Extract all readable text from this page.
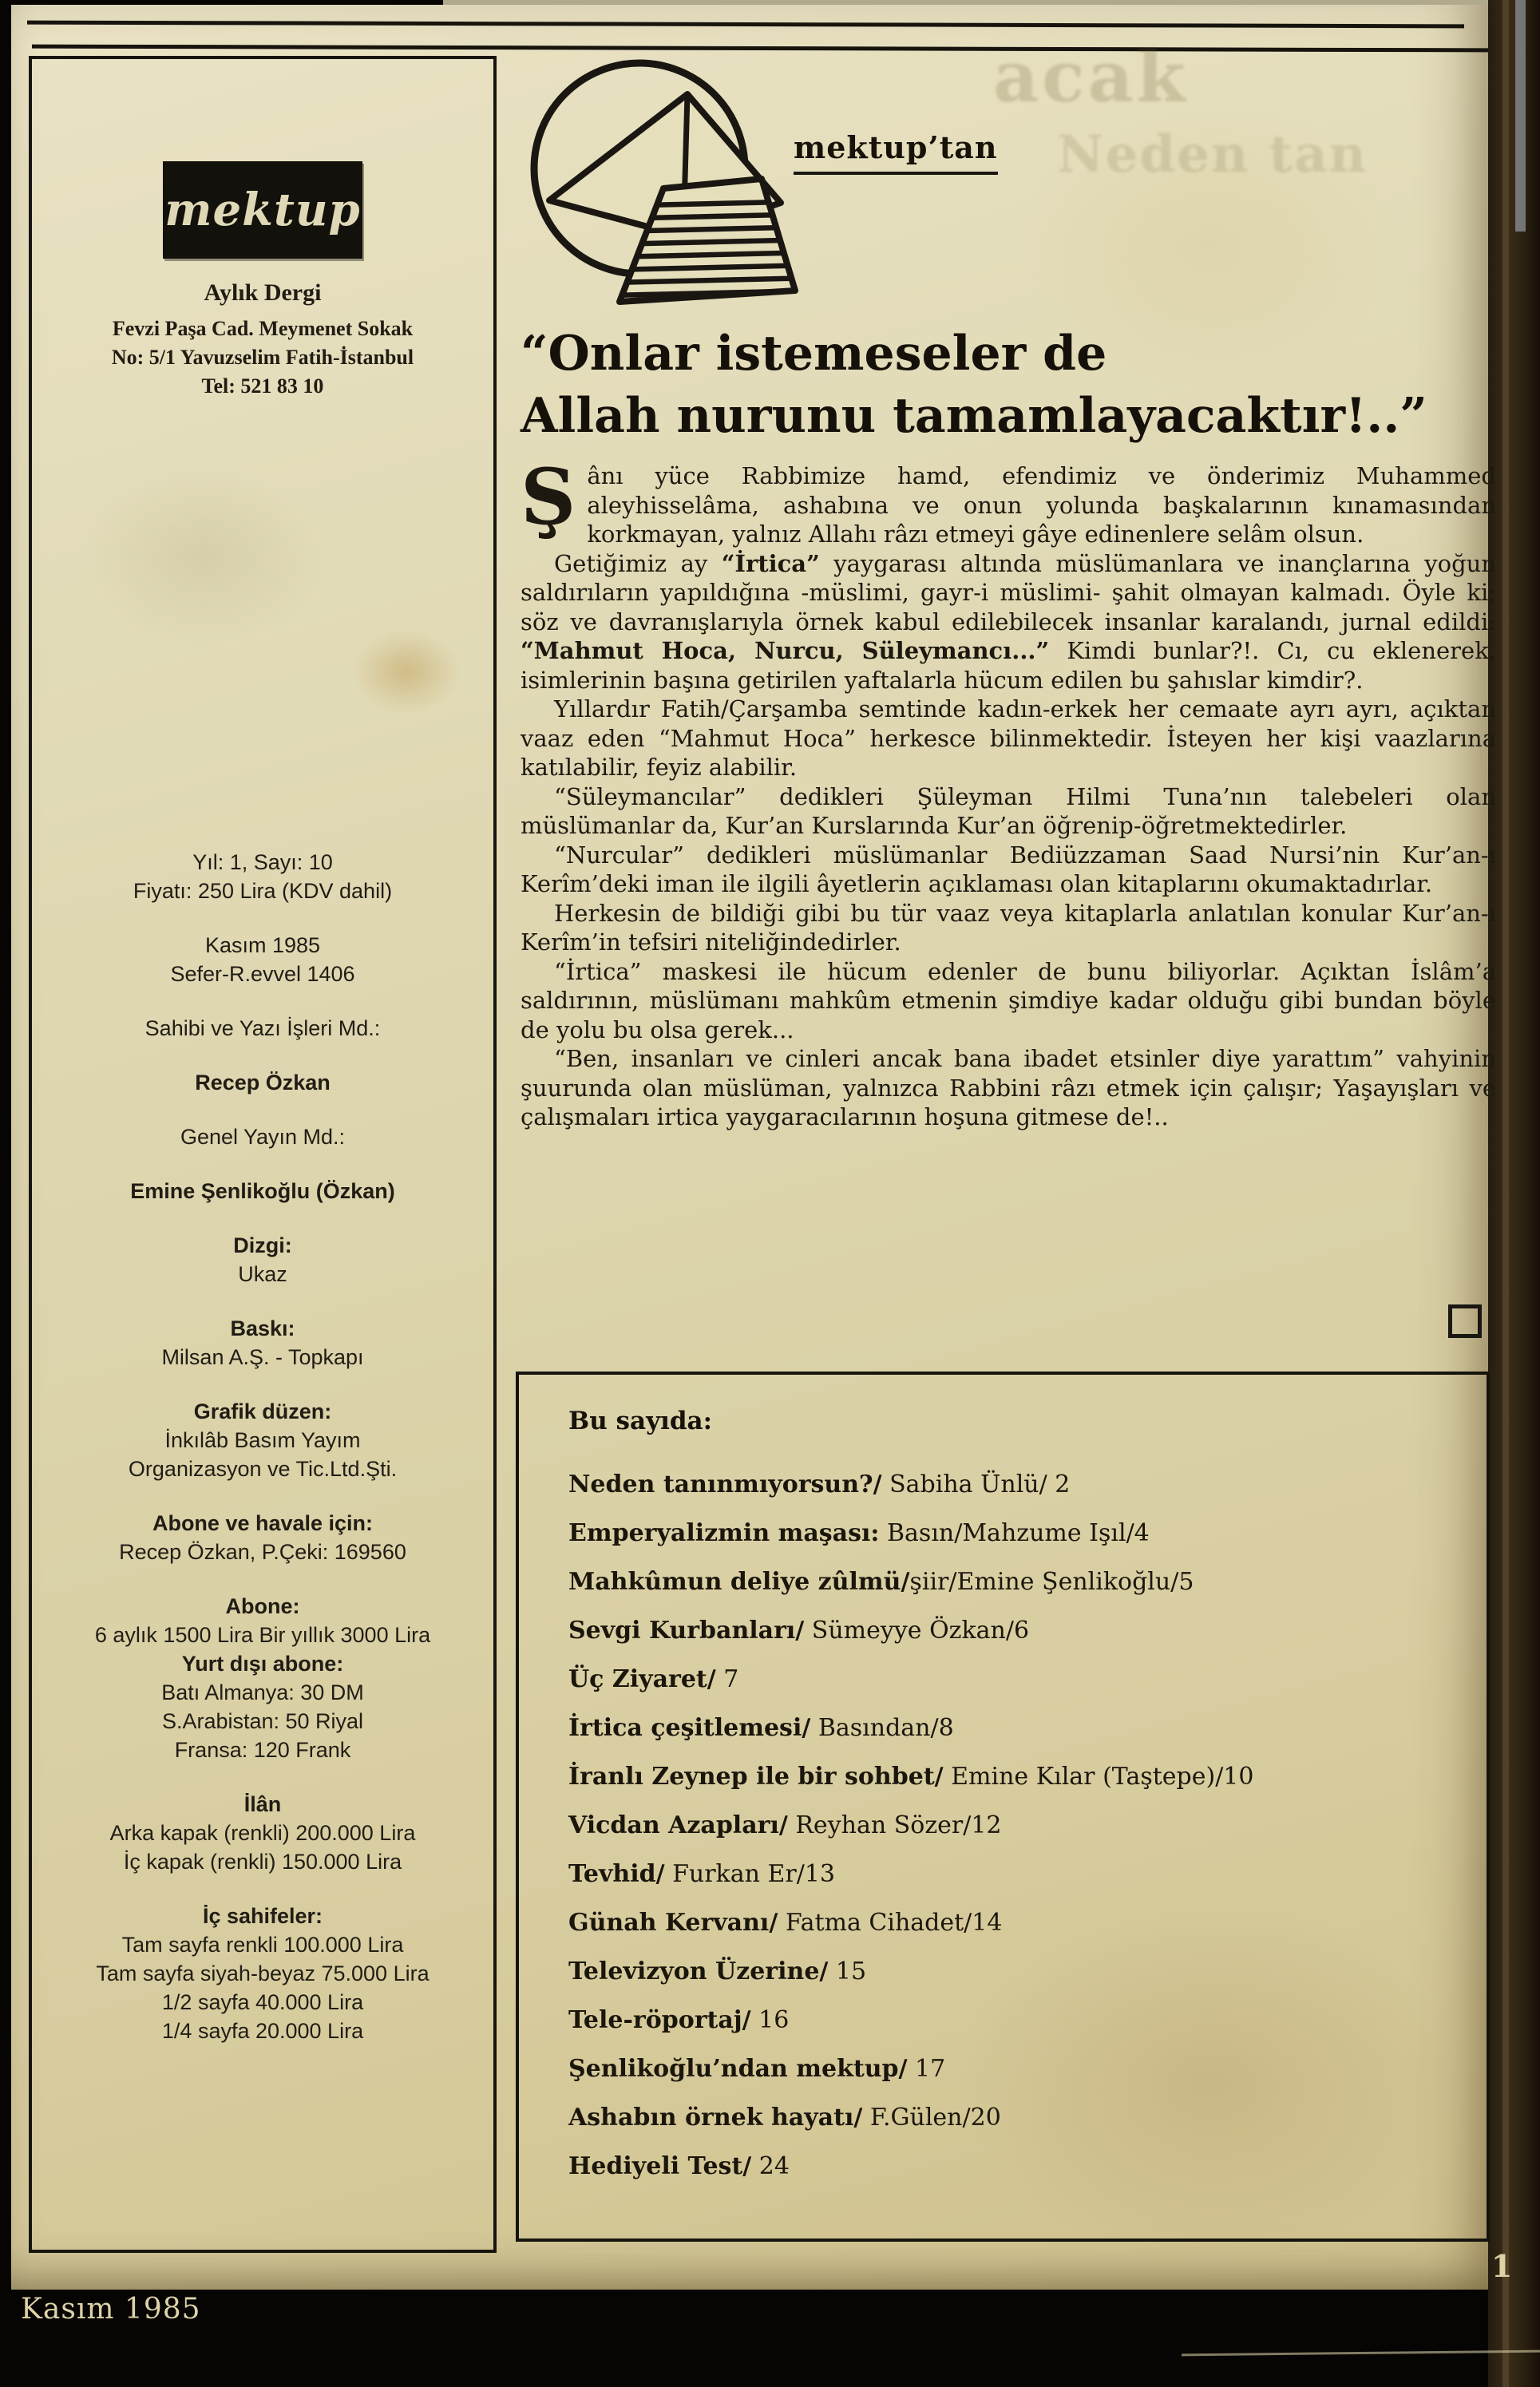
acak
Neden tan
mektup
Aylık Dergi
Fevzi Paşa Cad. Meymenet Sokak
No: 5/1 Yavuzselim Fatih-İstanbul
Tel: 521 83 10
Yıl: 1, Sayı: 10
Fiyatı: 250 Lira (KDV dahil)
Kasım 1985
Sefer-R.evvel 1406
Sahibi ve Yazı İşleri Md.:
Recep Özkan
Genel Yayın Md.:
Emine Şenlikoğlu (Özkan)
Dizgi:
Ukaz
Baskı:
Milsan A.Ş. - Topkapı
Grafik düzen:
İnkılâb Basım Yayım
Organizasyon ve Tic.Ltd.Şti.
Abone ve havale için:
Recep Özkan, P.Çeki: 169560
Abone:
6 aylık 1500 Lira Bir yıllık 3000 Lira
Yurt dışı abone:
Batı Almanya: 30 DM
S.Arabistan: 50 Riyal
Fransa: 120 Frank
İlân
Arka kapak (renkli) 200.000 Lira
İç kapak (renkli) 150.000 Lira
İç sahifeler:
Tam sayfa renkli 100.000 Lira
Tam sayfa siyah-beyaz 75.000 Lira
1/2 sayfa 40.000 Lira
1/4 sayfa 20.000 Lira
mektup’tan
“Onlar istemeseler de
Allah nurunu tamamlayacaktır!..”

Şânı yüce Rabbimize hamd, efendimiz ve önderimiz Muhammed aleyhisselâma, ashabına ve onun yolunda başkalarının kınamasından korkmayan, yalnız Allahı râzı etmeyi gâye edinenlere selâm olsun.

Getiğimiz ay “İrtica” yaygarası altında müslümanlara ve inançlarına yoğun saldırıların yapıldığına -müslimi, gayr-i müslimi- şahit olmayan kalmadı. Öyle ki; söz ve davranışlarıyla örnek kabul edilebilecek insanlar karalandı, jurnal edildi: “Mahmut Hoca, Nurcu, Süleymancı...” Kimdi bunlar?!. Cı, cu eklenerek, isimlerinin başına getirilen yaftalarla hücum edilen bu şahıslar kimdir?.

Yıllardır Fatih/Çarşamba semtinde kadın-erkek her cemaate ayrı ayrı, açıktan vaaz eden “Mahmut Hoca” herkesce bilinmektedir. İsteyen her kişi vaazlarına katılabilir, feyiz alabilir.

“Süleymancılar” dedikleri Şüleyman Hilmi Tuna’nın talebeleri olan müslümanlar da, Kur’an Kurslarında Kur’an öğrenip-öğretmektedirler.

“Nurcular” dedikleri müslümanlar Bediüzzaman Saad Nursi’nin Kur’an-ı Kerîm’deki iman ile ilgili âyetlerin açıklaması olan kitaplarını okumaktadırlar.

Herkesin de bildiği gibi bu tür vaaz veya kitaplarla anlatılan konular Kur’an-ı Kerîm’in tefsiri niteliğindedirler.

“İrtica” maskesi ile hücum edenler de bunu biliyorlar. Açıktan İslâm’a saldırının, müslümanı mahkûm etmenin şimdiye kadar olduğu gibi bundan böyle de yolu bu olsa gerek...

“Ben, insanları ve cinleri ancak bana ibadet etsinler diye yarattım” vahyinin şuurunda olan müslüman, yalnızca Rabbini râzı etmek için çalışır; Yaşayışları ve çalışmaları irtica yaygaracılarının hoşuna gitmese de!..

Bu sayıda:
Neden tanınmıyorsun?/ Sabiha Ünlü/ 2
Emperyalizmin maşası: Basın/Mahzume Işıl/4
Mahkûmun deliye zûlmü/şiir/Emine Şenlikoğlu/5
Sevgi Kurbanları/ Sümeyye Özkan/6
Üç Ziyaret/ 7
İrtica çeşitlemesi/ Basından/8
İranlı Zeynep ile bir sohbet/ Emine Kılar (Taştepe)/10
Vicdan Azapları/ Reyhan Sözer/12
Tevhid/ Furkan Er/13
Günah Kervanı/ Fatma Cihadet/14
Televizyon Üzerine/ 15
Tele-röportaj/ 16
Şenlikoğlu’ndan mektup/ 17
Ashabın örnek hayatı/ F.Gülen/20
Hediyeli Test/ 24
Kasım 1985
1
